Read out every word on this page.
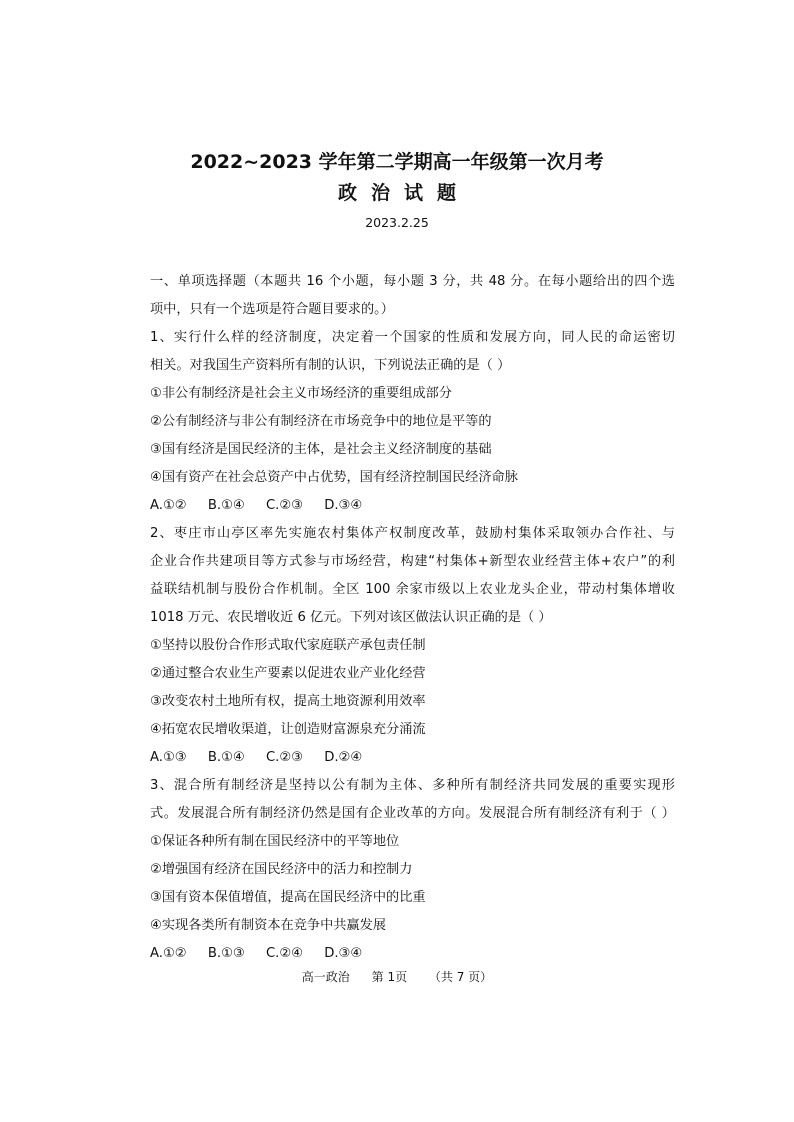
2022~2023 学年第二学期高一年级第一次月考
政治试题
2023.2.25
一、单项选择题（本题共 16 个小题，每小题 3 分，共 48 分。在每小题给出的四个选
项中，只有一个选项是符合题目要求的。）
1、实行什么样的经济制度，决定着一个国家的性质和发展方向，同人民的命运密切
相关。对我国生产资料所有制的认识，下列说法正确的是（ ）
①非公有制经济是社会主义市场经济的重要组成部分
②公有制经济与非公有制经济在市场竞争中的地位是平等的
③国有经济是国民经济的主体，是社会主义经济制度的基础
④国有资产在社会总资产中占优势，国有经济控制国民经济命脉
A.①② B.①④ C.②③ D.③④
2、枣庄市山亭区率先实施农村集体产权制度改革，鼓励村集体采取领办合作社、与
企业合作共建项目等方式参与市场经营，构建“村集体+新型农业经营主体+农户”的利
益联结机制与股份合作机制。全区 100 余家市级以上农业龙头企业，带动村集体增收
1018 万元、农民增收近 6 亿元。下列对该区做法认识正确的是（ ）
①坚持以股份合作形式取代家庭联产承包责任制
②通过整合农业生产要素以促进农业产业化经营
③改变农村土地所有权，提高土地资源利用效率
④拓宽农民增收渠道，让创造财富源泉充分涌流
A.①③ B.①④ C.②③ D.②④
3、混合所有制经济是坚持以公有制为主体、多种所有制经济共同发展的重要实现形
式。发展混合所有制经济仍然是国有企业改革的方向。发展混合所有制经济有利于（ ）
①保证各种所有制在国民经济中的平等地位
②增强国有经济在国民经济中的活力和控制力
③国有资本保值增值，提高在国民经济中的比重
④实现各类所有制资本在竞争中共赢发展
A.①② B.①③ C.②④ D.③④
高一政治 第 1页 （共 7 页）
